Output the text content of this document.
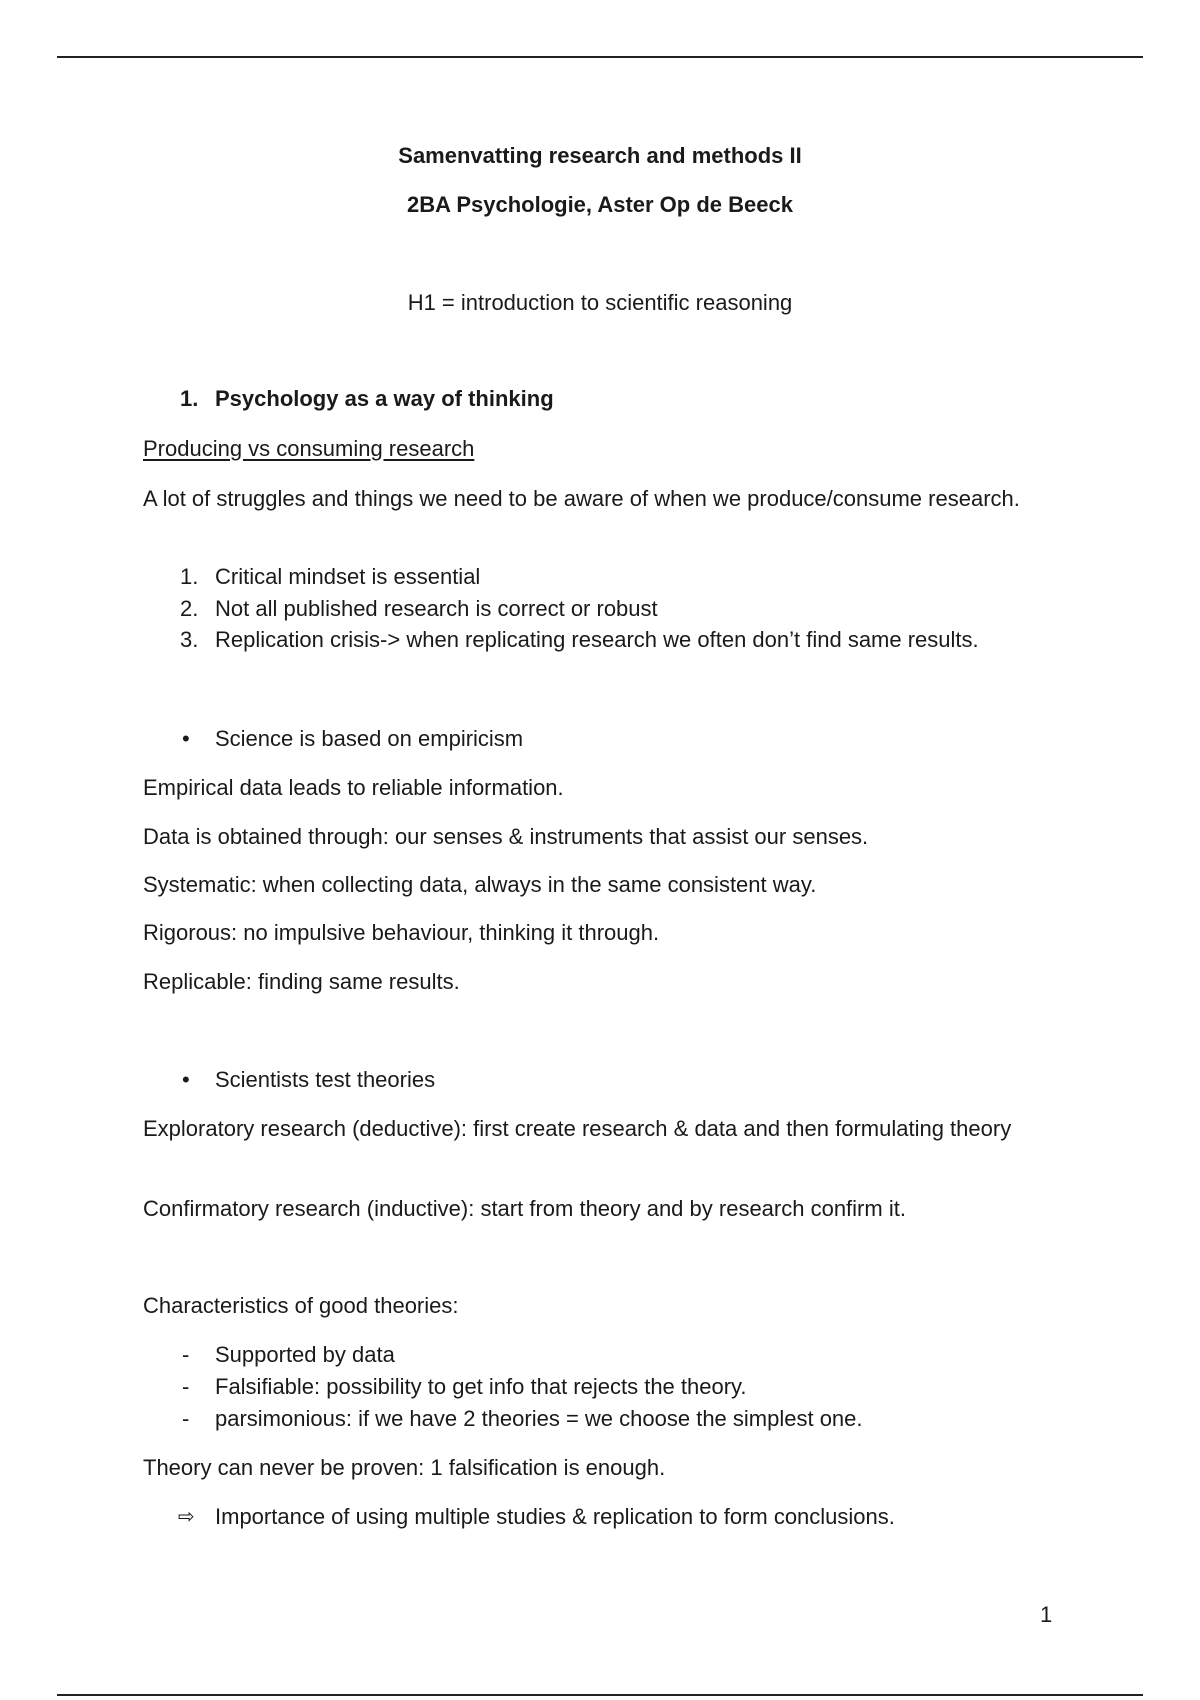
Samenvatting research and methods II
2BA Psychologie, Aster Op de Beeck
H1 = introduction to scientific reasoning
1. Psychology as a way of thinking
Producing vs consuming research
A lot of struggles and things we need to be aware of when we produce/consume research.
1. Critical mindset is essential
2. Not all published research is correct or robust
3. Replication crisis-> when replicating research we often don’t find same results.
• Science is based on empiricism
Empirical data leads to reliable information.
Data is obtained through: our senses & instruments that assist our senses.
Systematic: when collecting data, always in the same consistent way.
Rigorous: no impulsive behaviour, thinking it through.
Replicable: finding same results.
• Scientists test theories
Exploratory research (deductive): first create research & data and then formulating theory
Confirmatory research (inductive): start from theory and by research confirm it.
Characteristics of good theories:
- Supported by data
- Falsifiable: possibility to get info that rejects the theory.
- parsimonious: if we have 2 theories = we choose the simplest one.
Theory can never be proven: 1 falsification is enough.
⇨ Importance of using multiple studies & replication to form conclusions.
1
